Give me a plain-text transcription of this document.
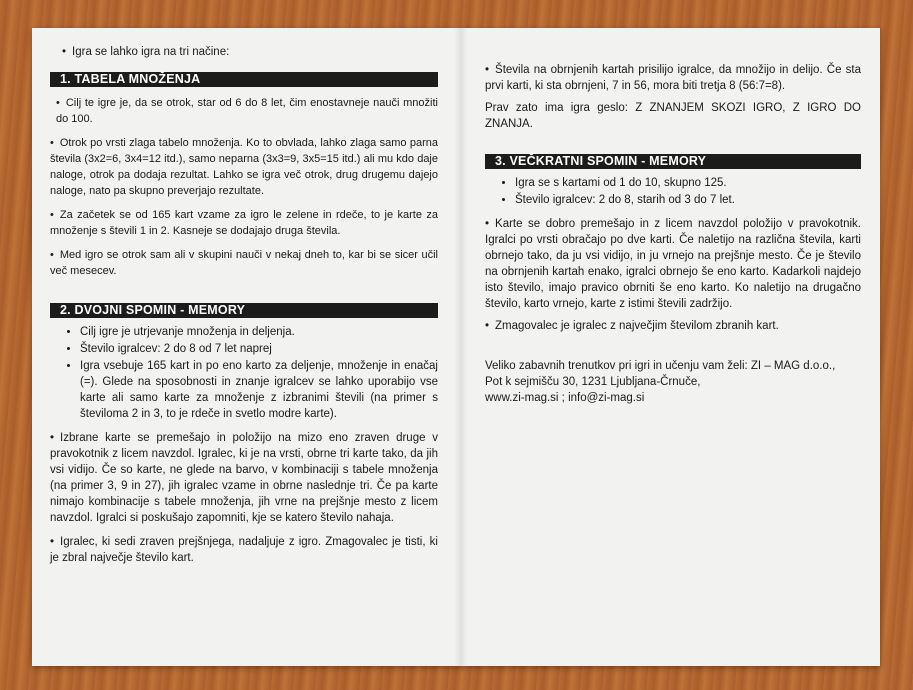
• Igra se lahko igra na tri načine:

1. TABELA MNOŽENJA

• Cilj te igre je, da se otrok, star od 6 do 8 let, čim enostavneje nauči množiti do 100.

• Otrok po vrsti zlaga tabelo množenja. Ko to obvlada, lahko zlaga samo parna števila (3x2=6, 3x4=12 itd.), samo neparna (3x3=9, 3x5=15 itd.) ali mu kdo daje naloge, otrok pa dodaja rezultat. Lahko se igra več otrok, drug drugemu dajejo naloge, nato pa skupno preverjajo rezultate.

• Za začetek se od 165 kart vzame za igro le zelene in rdeče, to je karte za množenje s števili 1 in 2. Kasneje se dodajajo druga števila.

• Med igro se otrok sam ali v skupini nauči v nekaj dneh to, kar bi se sicer učil več mesecev.

2. DVOJNI SPOMIN - MEMORY
• Cilj igre je utrjevanje množenja in deljenja.
• Število igralcev: 2 do 8 od 7 let naprej
• Igra vsebuje 165 kart in po eno karto za deljenje, množenje in enačaj (=). Glede na sposobnosti in znanje igralcev se lahko uporabijo vse karte ali samo karte za množenje z izbranimi števili (na primer s številoma 2 in 3, to je rdeče in svetlo modre karte).

• Izbrane karte se premešajo in položijo na mizo eno zraven druge v pravokotnik z licem navzdol. Igralec, ki je na vrsti, obrne tri karte tako, da jih vsi vidijo. Če so karte, ne glede na barvo, v kombinaciji s tabele množenja (na primer 3, 9 in 27), jih igralec vzame in obrne naslednje tri. Če pa karte nimajo kombinacije s tabele množenja, jih vrne na prejšnje mesto z licem navzdol. Igralci si poskušajo zapomniti, kje se katero število nahaja.

• Igralec, ki sedi zraven prejšnjega, nadaljuje z igro. Zmagovalec je tisti, ki je zbral največje število kart.

• Števila na obrnjenih kartah prisilijo igralce, da množijo in delijo. Če sta prvi karti, ki sta obrnjeni, 7 in 56, mora biti tretja 8 (56:7=8).

Prav zato ima igra geslo: Z ZNANJEM SKOZI IGRO, Z IGRO DO ZNANJA.

3. VEČKRATNI SPOMIN - MEMORY
• Igra se s kartami od 1 do 10, skupno 125.
• Število igralcev: 2 do 8, starih od 3 do 7 let.

• Karte se dobro premešajo in z licem navzdol položijo v pravokotnik. Igralci po vrsti obračajo po dve karti. Če naletijo na različna števila, karti obrnejo tako, da ju vsi vidijo, in ju vrnejo na prejšnje mesto. Če je število na obrnjenih kartah enako, igralci obrnejo še eno karto. Kadarkoli najdejo isto število, imajo pravico obrniti še eno karto. Ko naletijo na drugačno število, karto vrnejo, karte z istimi števili zadržijo.

• Zmagovalec je igralec z največjim številom zbranih kart.

Veliko zabavnih trenutkov pri igri in učenju vam želi: ZI – MAG d.o.o.,
Pot k sejmišču 30, 1231 Ljubljana-Črnuče,
www.zi-mag.si ; info@zi-mag.si
